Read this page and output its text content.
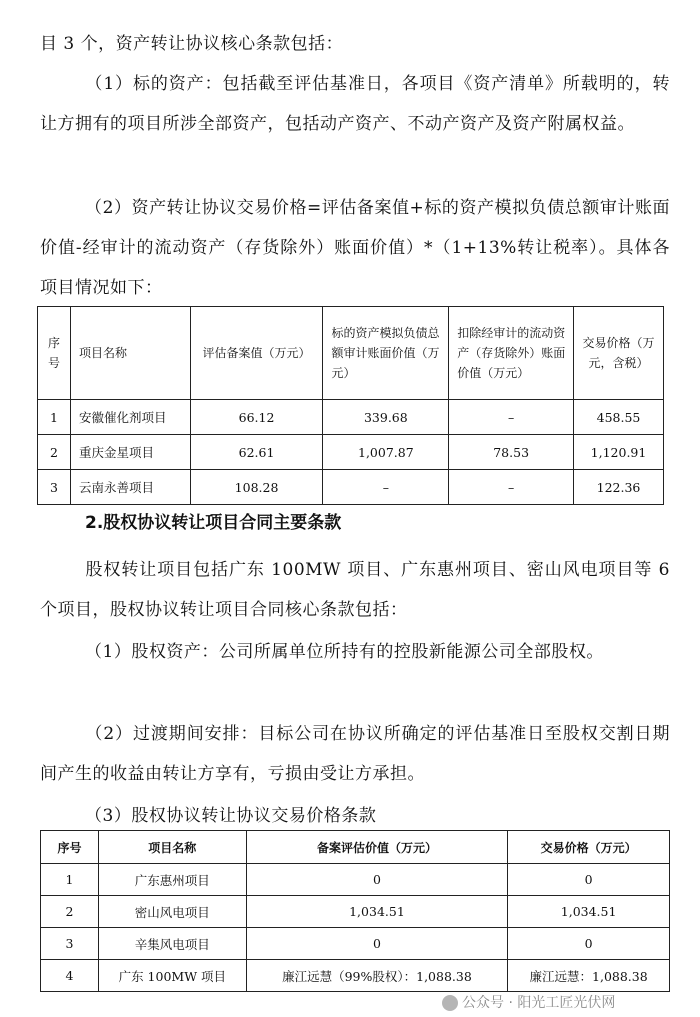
目 3 个，资产转让协议核心条款包括：

（1）标的资产：包括截至评估基准日，各项目《资产清单》所载明的，转让方拥有的项目所涉全部资产，包括动产资产、不动产资产及资产附属权益。

（2）资产转让协议交易价格=评估备案值+标的资产模拟负债总额审计账面价值-经审计的流动资产（存货除外）账面价值）*（1+13%转让税率）。具体各项目情况如下：

序号	项目名称	评估备案值（万元）	标的资产模拟负债总额审计账面价值（万元）	扣除经审计的流动资产（存货除外）账面价值（万元）	交易价格（万元，含税）
1	安徽催化剂项目	66.12	339.68	–	458.55
2	重庆金星项目	62.61	1,007.87	78.53	1,120.91
3	云南永善项目	108.28	–	–	122.36

2.股权协议转让项目合同主要条款

股权转让项目包括广东 100MW 项目、广东惠州项目、密山风电项目等 6 个项目，股权协议转让项目合同核心条款包括：

（1）股权资产：公司所属单位所持有的控股新能源公司全部股权。

（2）过渡期间安排：目标公司在协议所确定的评估基准日至股权交割日期间产生的收益由转让方享有，亏损由受让方承担。

（3）股权协议转让协议交易价格条款

序号	项目名称	备案评估价值（万元）	交易价格（万元）
1	广东惠州项目	0	0
2	密山风电项目	1,034.51	1,034.51
3	辛集风电项目	0	0
4	广东 100MW 项目	廉江远慧（99%股权）：1,088.38	廉江远慧：1,088.38
公众号 · 阳光工匠光伏网
